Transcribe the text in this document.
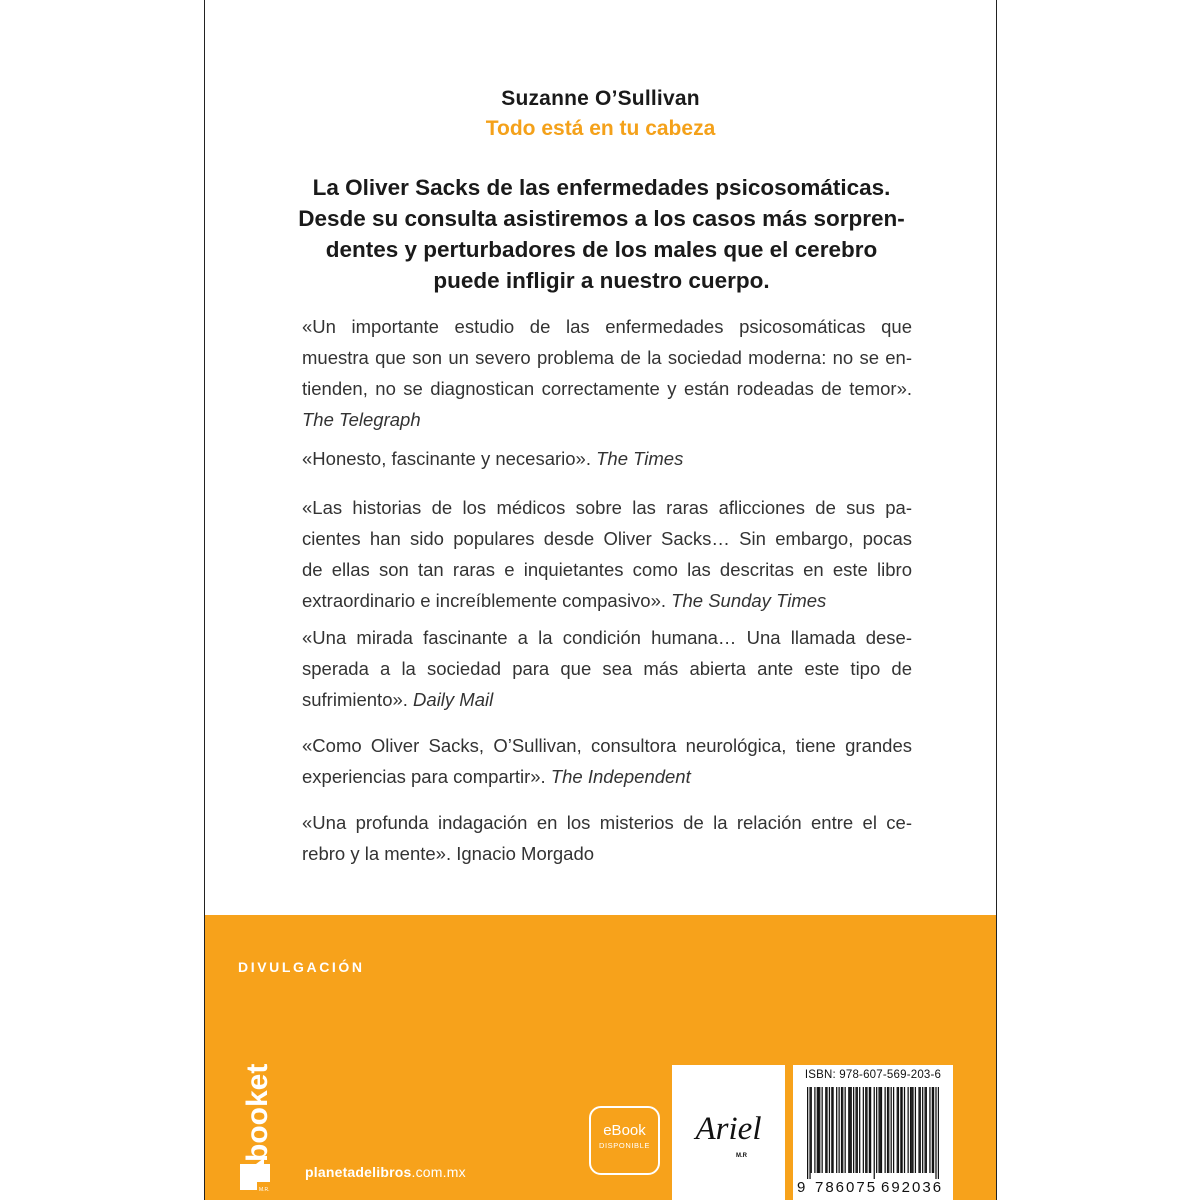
Suzanne O’Sullivan
Todo está en tu cabeza
La Oliver Sacks de las enfermedades psicosomáticas.
Desde su consulta asistiremos a los casos más sorpren-
dentes y perturbadores de los males que el cerebro
puede infligir a nuestro cuerpo.
«Un importante estudio de las enfermedades psicosomáticas que
muestra que son un severo problema de la sociedad moderna: no se en-
tienden, no se diagnostican correctamente y están rodeadas de temor».
The Telegraph
«Honesto, fascinante y necesario». The Times
«Las historias de los médicos sobre las raras aflicciones de sus pa-
cientes han sido populares desde Oliver Sacks… Sin embargo, pocas
de ellas son tan raras e inquietantes como las descritas en este libro
extraordinario e increíblemente compasivo». The Sunday Times
«Una mirada fascinante a la condición humana… Una llamada dese-
sperada a la sociedad para que sea más abierta ante este tipo de
sufrimiento». Daily Mail
«Como Oliver Sacks, O’Sullivan, consultora neurológica, tiene grandes
experiencias para compartir». The Independent
«Una profunda indagación en los misterios de la relación entre el ce-
rebro y la mente». Ignacio Morgado
DIVULGACIÓN
booket
M.R.
planetadelibros.com.mx
eBook
DISPONIBLE	Ariel
M.R
ISBN: 978-607-569-203-6
9 786075 692036
